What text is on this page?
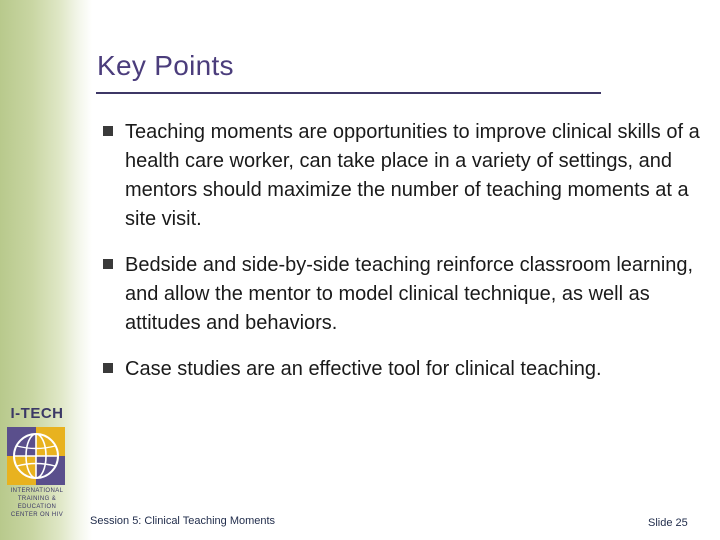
Key Points
Teaching moments are opportunities to improve clinical skills of a health care worker, can take place in a variety of settings, and mentors should maximize the number of teaching moments at a site visit.
Bedside and side-by-side teaching reinforce classroom learning, and allow the mentor to model clinical technique, as well as attitudes and behaviors.
Case studies are an effective tool for clinical teaching.
I-TECH
INTERNATIONAL
TRAINING &
EDUCATION
CENTER ON HIV	Session 5: Clinical Teaching Moments	Slide 25
